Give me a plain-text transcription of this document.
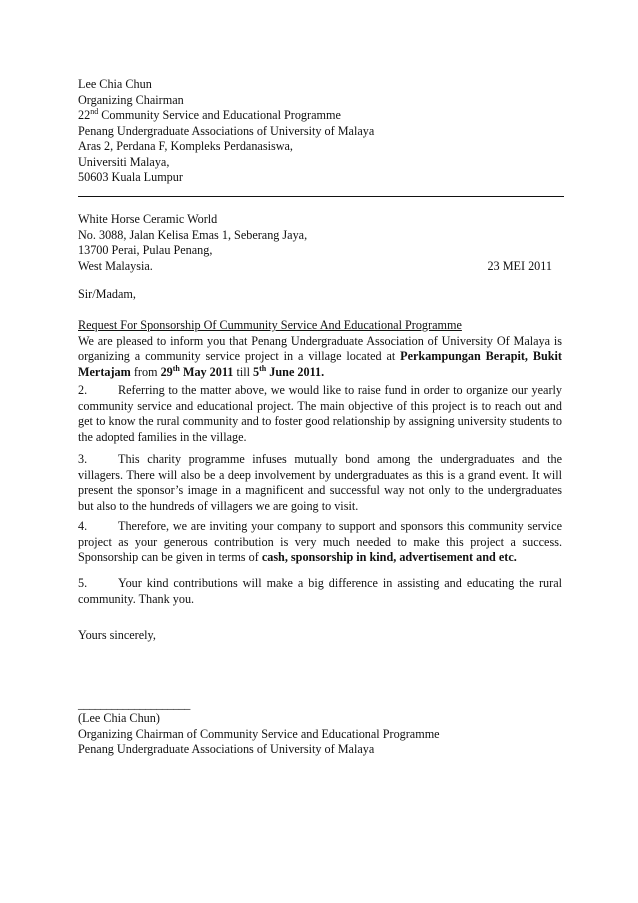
Lee Chia Chun
Organizing Chairman
22nd Community Service and Educational Programme
Penang Undergraduate Associations of University of Malaya
Aras 2, Perdana F, Kompleks Perdanasiswa,
Universiti Malaya,
50603 Kuala Lumpur
White Horse Ceramic World
No. 3088, Jalan Kelisa Emas 1, Seberang Jaya,
13700 Perai, Pulau Penang,
West Malaysia.	23 MEI 2011
Sir/Madam,
Request For Sponsorship Of Cummunity Service And Educational Programme
We are pleased to inform you that Penang Undergraduate Association of University Of Malaya is organizing a community service project in a village located at Perkampungan Berapit, Bukit Mertajam from 29th May 2011 till 5th June 2011.
2.	Referring to the matter above, we would like to raise fund in order to organize our yearly community service and educational project. The main objective of this project is to reach out and get to know the rural community and to foster good relationship by assigning university students to the adopted families in the village.
3.	This charity programme infuses mutually bond among the undergraduates and the villagers. There will also be a deep involvement by undergraduates as this is a grand event. It will present the sponsor’s image in a magnificent and successful way not only to the undergraduates but also to the hundreds of villagers we are going to visit.
4.	Therefore, we are inviting your company to support and sponsors this community service project as your generous contribution is very much needed to make this project a success. Sponsorship can be given in terms of cash, sponsorship in kind, advertisement and etc.
5.	Your kind contributions will make a big difference in assisting and educating the rural community. Thank you.
Yours sincerely,
____________________
(Lee Chia Chun)
Organizing Chairman of Community Service and Educational Programme
Penang Undergraduate Associations of University of Malaya
